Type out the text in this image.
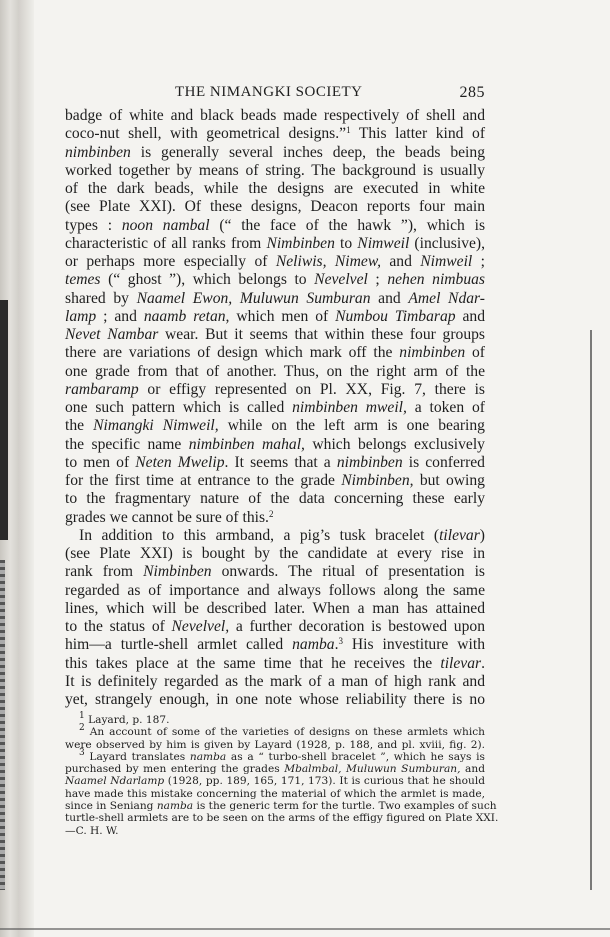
THE NIMANGKI SOCIETY	285
badge of white and black beads made respectively of shell and
coco-nut shell, with geometrical designs.”$^1$ This latter kind of
nimbinben is generally several inches deep, the beads being
worked together by means of string. The background is usually
of the dark beads, while the designs are executed in white
(see Plate XXI). Of these designs, Deacon reports four main
types : noon nambal (“ the face of the hawk ”), which is
characteristic of all ranks from Nimbinben to Nimweil (inclusive),
or perhaps more especially of Neliwis, Nimew, and Nimweil ;
temes (“ ghost ”), which belongs to Nevelvel ; nehen nimbuas
shared by Naamel Ewon, Muluwun Sumburan and Amel Ndar-
lamp ; and naamb retan, which men of Numbou Timbarap and
Nevet Nambar wear. But it seems that within these four groups
there are variations of design which mark off the nimbinben of
one grade from that of another. Thus, on the right arm of the
rambaramp or effigy represented on Pl. XX, Fig. 7, there is
one such pattern which is called nimbinben mweil, a token of
the Nimangki Nimweil, while on the left arm is one bearing
the specific name nimbinben mahal, which belongs exclusively
to men of Neten Mwelip. It seems that a nimbinben is conferred
for the first time at entrance to the grade Nimbinben, but owing
to the fragmentary nature of the data concerning these early
grades we cannot be sure of this.$^2$
In addition to this armband, a pig’s tusk bracelet (tilevar)
(see Plate XXI) is bought by the candidate at every rise in
rank from Nimbinben onwards. The ritual of presentation is
regarded as of importance and always follows along the same
lines, which will be described later. When a man has attained
to the status of Nevelvel, a further decoration is bestowed upon
him—a turtle-shell armlet called namba.$^3$ His investiture with
this takes place at the same time that he receives the tilevar.
It is definitely regarded as the mark of a man of high rank and
yet, strangely enough, in one note whose reliability there is no
$^1$ Layard, p. 187.
$^2$ An account of some of the varieties of designs on these armlets which
were observed by him is given by Layard (1928, p. 188, and pl. xviii, fig. 2).
$^3$ Layard translates namba as a “ turbo-shell bracelet ”, which he says is
purchased by men entering the grades Mbalmbal, Muluwun Sumburan, and
Naamel Ndarlamp (1928, pp. 189, 165, 171, 173). It is curious that he should
have made this mistake concerning the material of which the armlet is made,
since in Seniang namba is the generic term for the turtle. Two examples of such
turtle-shell armlets are to be seen on the arms of the effigy figured on Plate XXI.
—C. H. W.
